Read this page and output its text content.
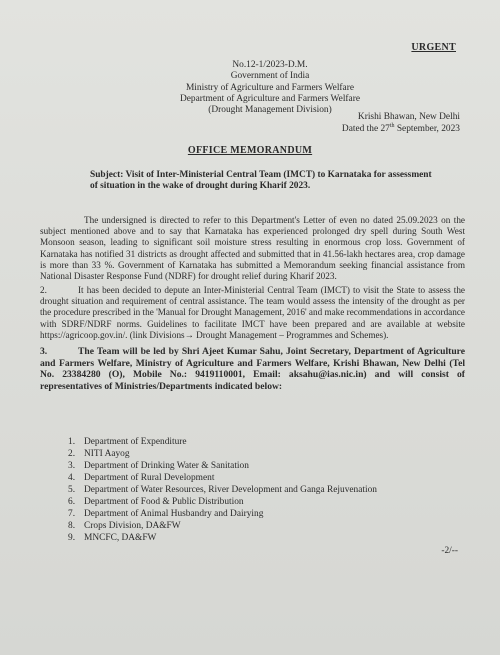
URGENT
No.12-1/2023-D.M.
Government of India
Ministry of Agriculture and Farmers Welfare
Department of Agriculture and Farmers Welfare
(Drought Management Division)
Krishi Bhawan, New Delhi
Dated the 27th September, 2023
OFFICE MEMORANDUM
Subject: Visit of Inter-Ministerial Central Team (IMCT) to Karnataka for assessment of situation in the wake of drought during Kharif 2023.
The undersigned is directed to refer to this Department's Letter of even no dated 25.09.2023 on the subject mentioned above and to say that Karnataka has experienced prolonged dry spell during South West Monsoon season, leading to significant soil moisture stress resulting in enormous crop loss. Government of Karnataka has notified 31 districts as drought affected and submitted that in 41.56-lakh hectares area, crop damage is more than 33 %. Government of Karnataka has submitted a Memorandum seeking financial assistance from National Disaster Response Fund (NDRF) for drought relief during Kharif 2023.
2.	It has been decided to depute an Inter-Ministerial Central Team (IMCT) to visit the State to assess the drought situation and requirement of central assistance. The team would assess the intensity of the drought as per the procedure prescribed in the 'Manual for Drought Management, 2016' and make recommendations in accordance with SDRF/NDRF norms. Guidelines to facilitate IMCT have been prepared and are available at website https://agricoop.gov.in/. (link Divisions→ Drought Management – Programmes and Schemes).
3.	The Team will be led by Shri Ajeet Kumar Sahu, Joint Secretary, Department of Agriculture and Farmers Welfare, Ministry of Agriculture and Farmers Welfare, Krishi Bhawan, New Delhi (Tel No. 23384280 (O), Mobile No.: 9419110001, Email: aksahu@ias.nic.in) and will consist of representatives of Ministries/Departments indicated below:
1. Department of Expenditure
2. NITI Aayog
3. Department of Drinking Water & Sanitation
4. Department of Rural Development
5. Department of Water Resources, River Development and Ganga Rejuvenation
6. Department of Food & Public Distribution
7. Department of Animal Husbandry and Dairying
8. Crops Division, DA&FW
9. MNCFC, DA&FW
-2/--
